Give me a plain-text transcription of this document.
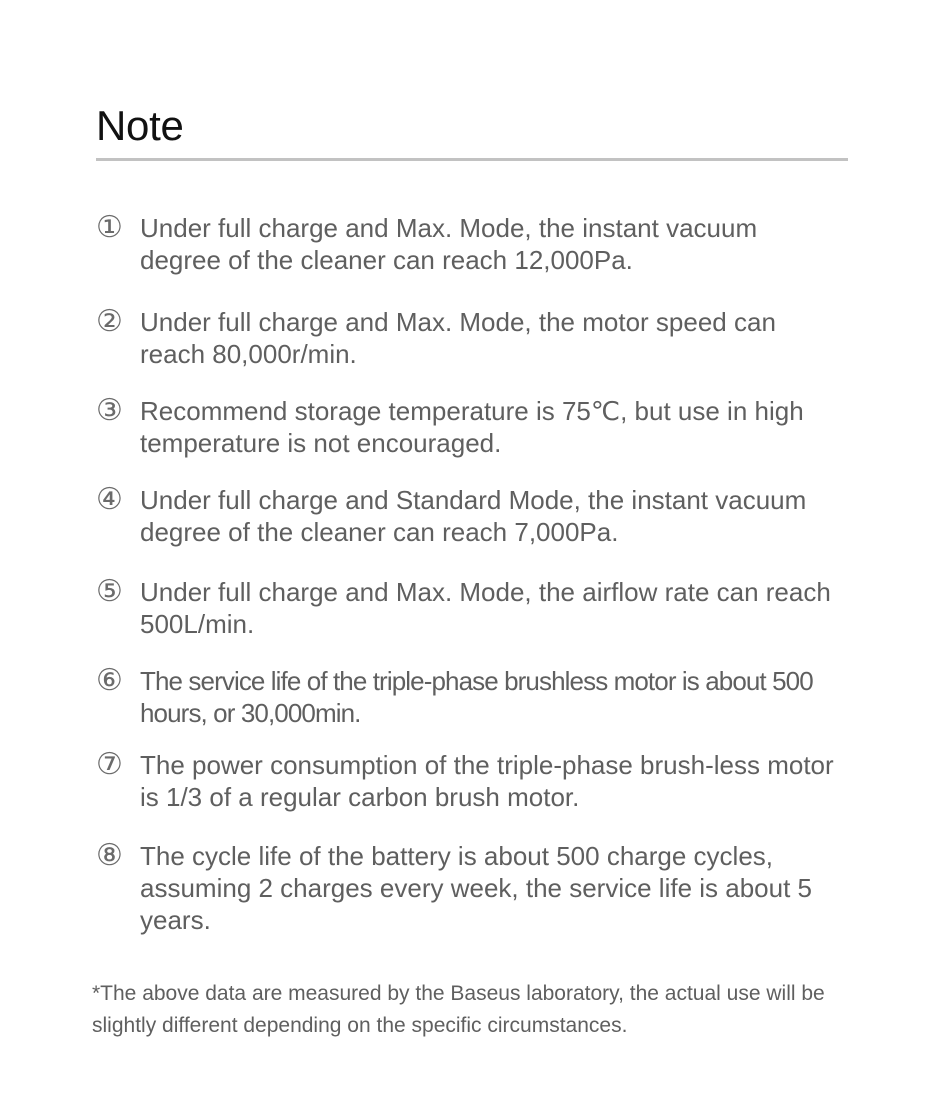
Note
① Under full charge and Max. Mode, the instant vacuum degree of the cleaner can reach 12,000Pa.
② Under full charge and Max. Mode, the motor speed can reach 80,000r/min.
③ Recommend storage temperature is 75℃, but use in high temperature is not encouraged.
④ Under full charge and Standard Mode, the instant vacuum degree of the cleaner can reach 7,000Pa.
⑤ Under full charge and Max. Mode, the airflow rate can reach 500L/min.
⑥ The service life of the triple-phase brushless motor is about 500 hours, or 30,000min.
⑦ The power consumption of the triple-phase brush-less motor is 1/3 of a regular carbon brush motor.
⑧ The cycle life of the battery is about 500 charge cycles, assuming 2 charges every week, the service life is about 5 years.

*The above data are measured by the Baseus laboratory, the actual use will be slightly different depending on the specific circumstances.
